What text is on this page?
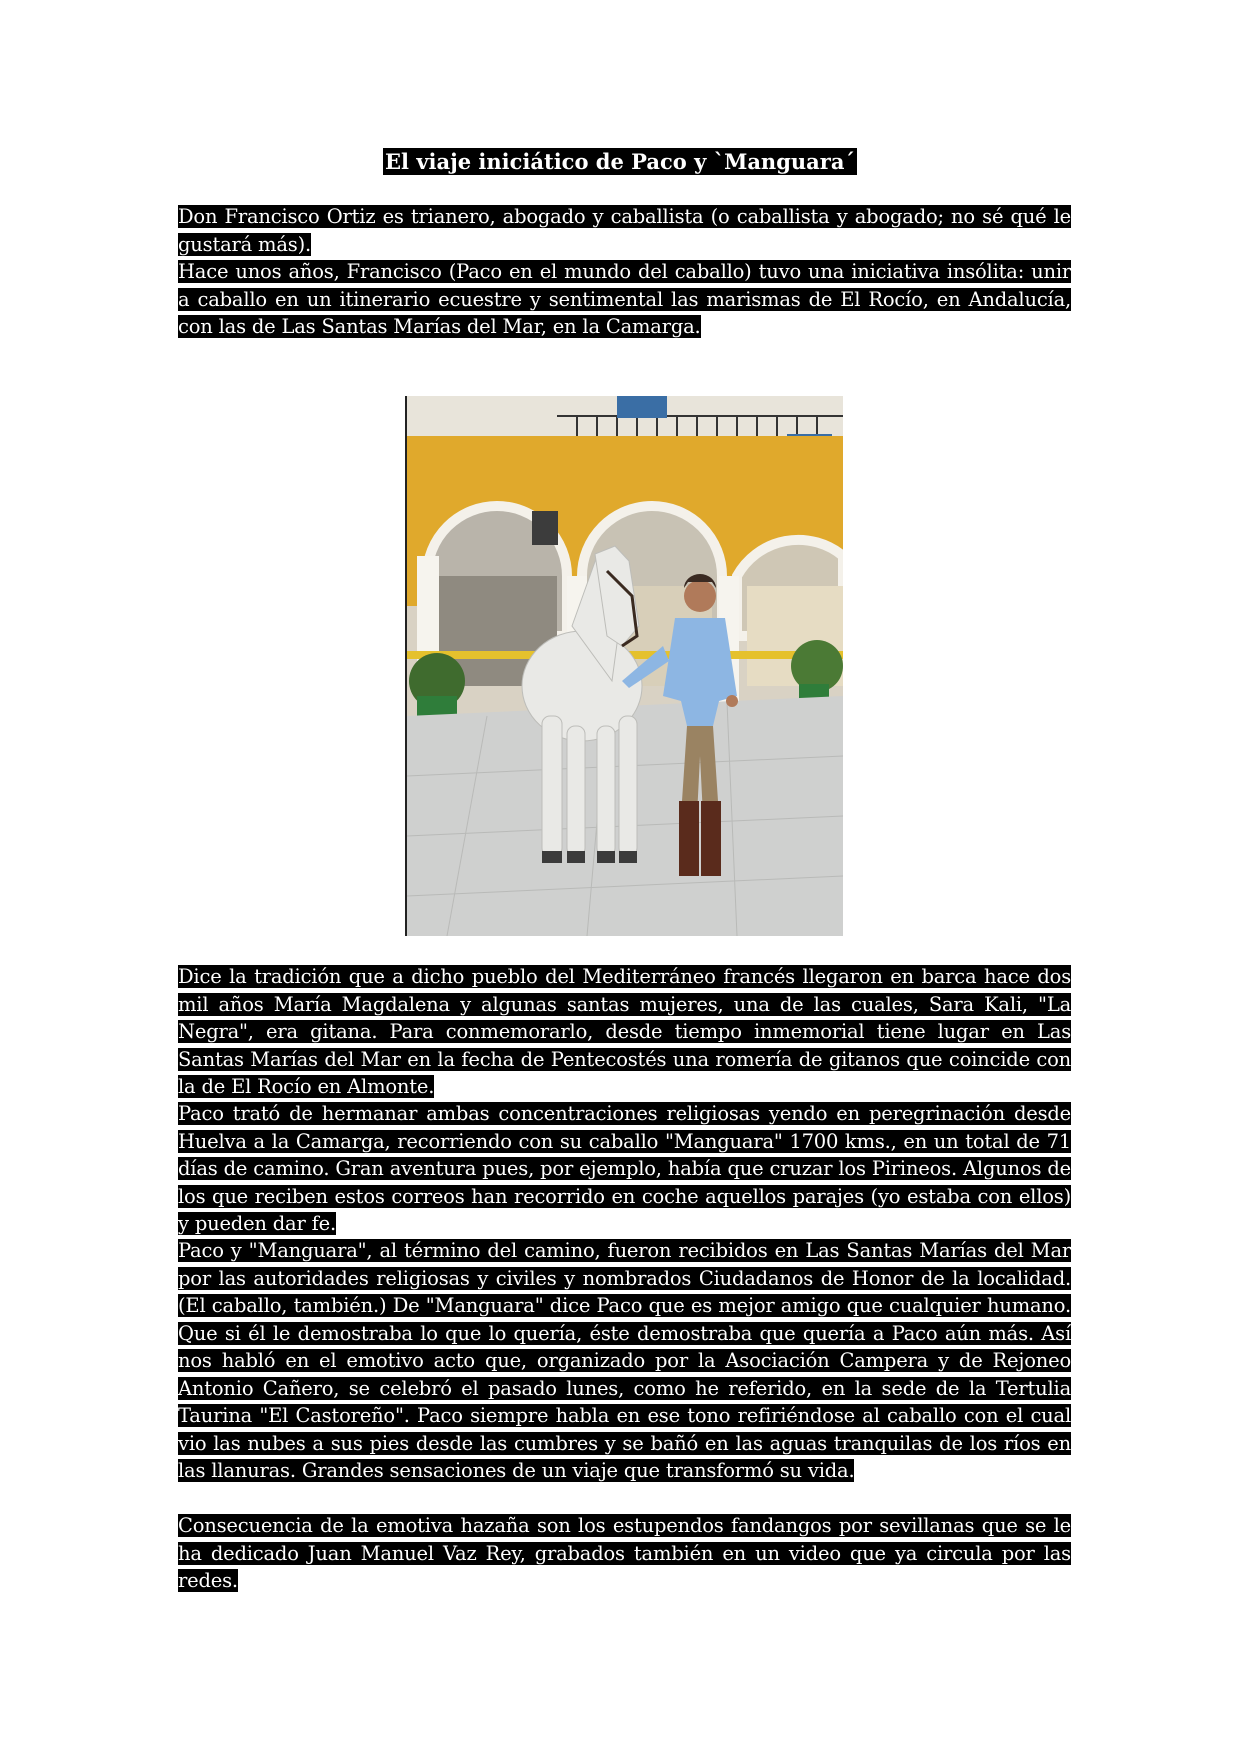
El viaje iniciático de Paco y `Manguara´

Don Francisco Ortiz es trianero, abogado y caballista (o caballista y abogado; no sé qué le gustará más).

Hace unos años, Francisco (Paco en el mundo del caballo) tuvo una iniciativa insólita: unir a caballo en un itinerario ecuestre y sentimental las marismas de El Rocío, en Andalucía, con las de Las Santas Marías del Mar, en la Camarga.

Dice la tradición que a dicho pueblo del Mediterráneo francés llegaron en barca hace dos mil años María Magdalena y algunas santas mujeres, una de las cuales, Sara Kali, "La Negra", era gitana. Para conmemorarlo, desde tiempo inmemorial tiene lugar en Las Santas Marías del Mar en la fecha de Pentecostés una romería de gitanos que coincide con la de El Rocío en Almonte.

Paco trató de hermanar ambas concentraciones religiosas yendo en peregrinación desde Huelva a la Camarga, recorriendo con su caballo "Manguara" 1700 kms., en un total de 71 días de camino. Gran aventura pues, por ejemplo, había que cruzar los Pirineos. Algunos de los que reciben estos correos han recorrido en coche aquellos parajes (yo estaba con ellos) y pueden dar fe.

Paco y "Manguara", al término del camino, fueron recibidos en Las Santas Marías del Mar por las autoridades religiosas y civiles y nombrados Ciudadanos de Honor de la localidad. (El caballo, también.) De "Manguara" dice Paco que es mejor amigo que cualquier humano. Que si él le demostraba lo que lo quería, éste demostraba que quería a Paco aún más. Así nos habló en el emotivo acto que, organizado por la Asociación Campera y de Rejoneo Antonio Cañero, se celebró el pasado lunes, como he referido, en la sede de la Tertulia Taurina "El Castoreño". Paco siempre habla en ese tono refiriéndose al caballo con el cual vio las nubes a sus pies desde las cumbres y se bañó en las aguas tranquilas de los ríos en las llanuras. Grandes sensaciones de un viaje que transformó su vida.

Consecuencia de la emotiva hazaña son los estupendos fandangos por sevillanas que se le ha dedicado Juan Manuel Vaz Rey, grabados también en un video que ya circula por las redes.
